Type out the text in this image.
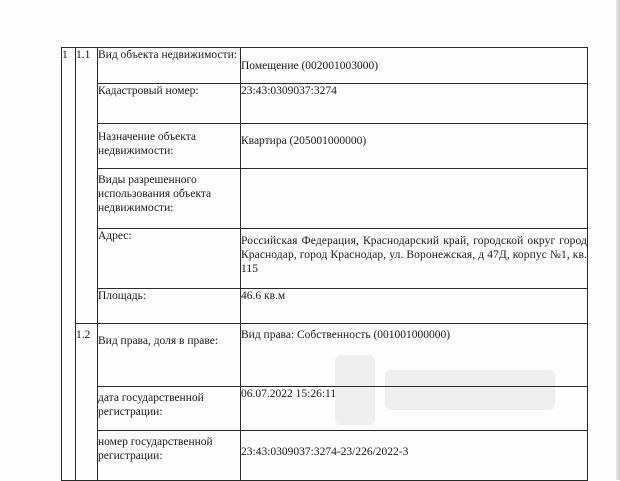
1	1.1	Вид объекта недвижимости:	Помещение (002001003000)
		Кадастровый номер:	23:43:0309037:3274
		Назначение объекта недвижимости:	Квартира (205001000000)
		Виды разрешенного использования объекта недвижимости:	
		Адрес:	Российская Федерация, Краснодарский край, городской округ город Краснодар, город Краснодар, ул. Воронежская, д 47Д, корпус №1, кв. 115
		Площадь:	46.6 кв.м
	1.2	Вид права, доля в праве:	Вид права: Собственность (001001000000)
		дата государственной регистрации:	06.07.2022 15:26:11
		номер государственной регистрации:	23:43:0309037:3274-23/226/2022-3
